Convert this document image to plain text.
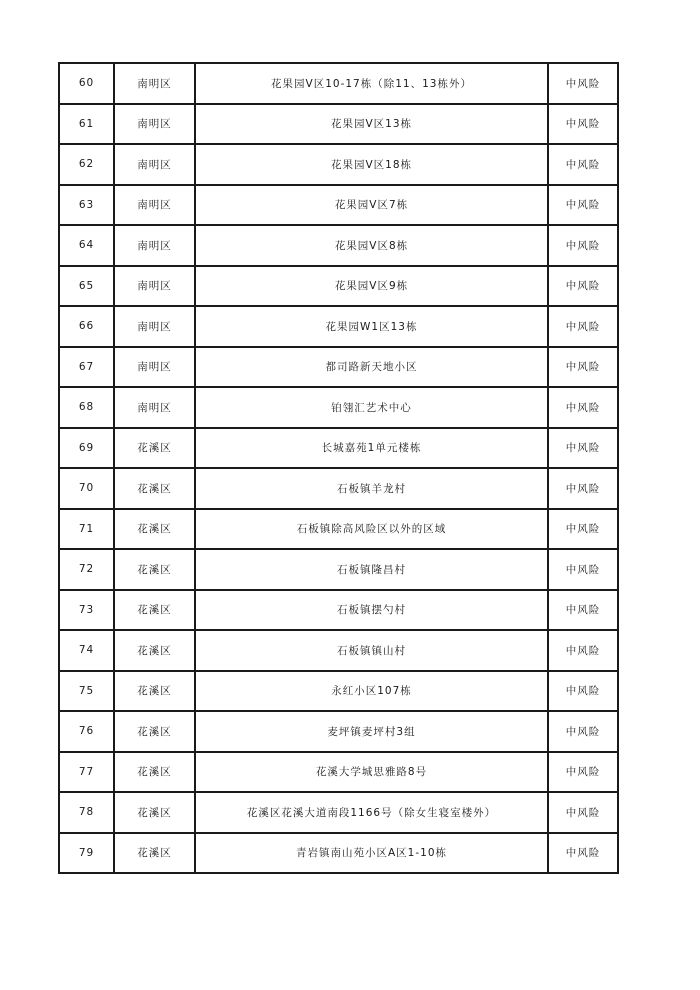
60	南明区	花果园V区10-17栋（除11、13栋外）	中风险
61	南明区	花果园V区13栋	中风险
62	南明区	花果园V区18栋	中风险
63	南明区	花果园V区7栋	中风险
64	南明区	花果园V区8栋	中风险
65	南明区	花果园V区9栋	中风险
66	南明区	花果园W1区13栋	中风险
67	南明区	都司路新天地小区	中风险
68	南明区	铂翎汇艺术中心	中风险
69	花溪区	长城嘉苑1单元楼栋	中风险
70	花溪区	石板镇羊龙村	中风险
71	花溪区	石板镇除高风险区以外的区域	中风险
72	花溪区	石板镇隆昌村	中风险
73	花溪区	石板镇摆勺村	中风险
74	花溪区	石板镇镇山村	中风险
75	花溪区	永红小区107栋	中风险
76	花溪区	麦坪镇麦坪村3组	中风险
77	花溪区	花溪大学城思雅路8号	中风险
78	花溪区	花溪区花溪大道南段1166号（除女生寝室楼外）	中风险
79	花溪区	青岩镇南山苑小区A区1-10栋	中风险
